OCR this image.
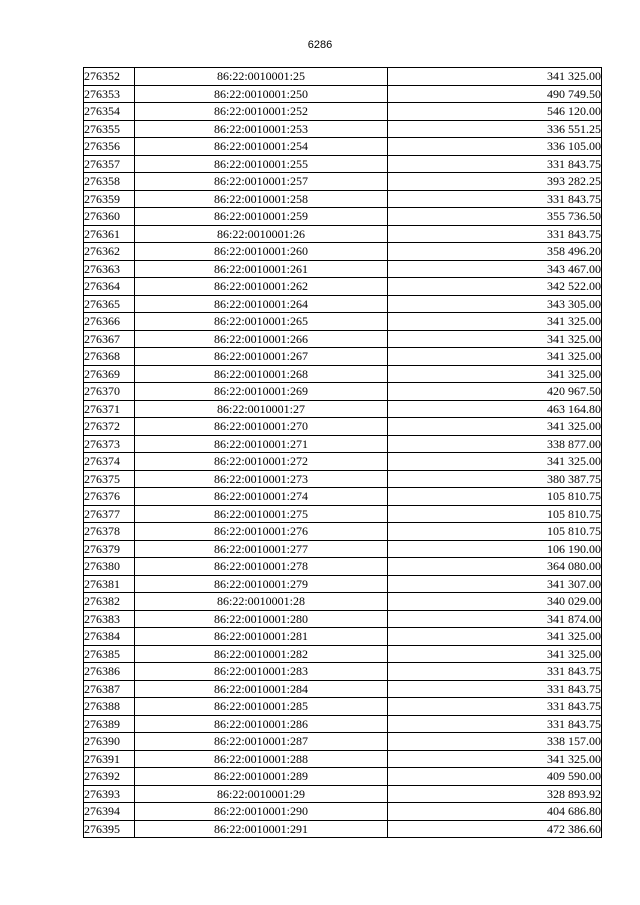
6286
276352	86:22:0010001:25	341 325.00
276353	86:22:0010001:250	490 749.50
276354	86:22:0010001:252	546 120.00
276355	86:22:0010001:253	336 551.25
276356	86:22:0010001:254	336 105.00
276357	86:22:0010001:255	331 843.75
276358	86:22:0010001:257	393 282.25
276359	86:22:0010001:258	331 843.75
276360	86:22:0010001:259	355 736.50
276361	86:22:0010001:26	331 843.75
276362	86:22:0010001:260	358 496.20
276363	86:22:0010001:261	343 467.00
276364	86:22:0010001:262	342 522.00
276365	86:22:0010001:264	343 305.00
276366	86:22:0010001:265	341 325.00
276367	86:22:0010001:266	341 325.00
276368	86:22:0010001:267	341 325.00
276369	86:22:0010001:268	341 325.00
276370	86:22:0010001:269	420 967.50
276371	86:22:0010001:27	463 164.80
276372	86:22:0010001:270	341 325.00
276373	86:22:0010001:271	338 877.00
276374	86:22:0010001:272	341 325.00
276375	86:22:0010001:273	380 387.75
276376	86:22:0010001:274	105 810.75
276377	86:22:0010001:275	105 810.75
276378	86:22:0010001:276	105 810.75
276379	86:22:0010001:277	106 190.00
276380	86:22:0010001:278	364 080.00
276381	86:22:0010001:279	341 307.00
276382	86:22:0010001:28	340 029.00
276383	86:22:0010001:280	341 874.00
276384	86:22:0010001:281	341 325.00
276385	86:22:0010001:282	341 325.00
276386	86:22:0010001:283	331 843.75
276387	86:22:0010001:284	331 843.75
276388	86:22:0010001:285	331 843.75
276389	86:22:0010001:286	331 843.75
276390	86:22:0010001:287	338 157.00
276391	86:22:0010001:288	341 325.00
276392	86:22:0010001:289	409 590.00
276393	86:22:0010001:29	328 893.92
276394	86:22:0010001:290	404 686.80
276395	86:22:0010001:291	472 386.60
